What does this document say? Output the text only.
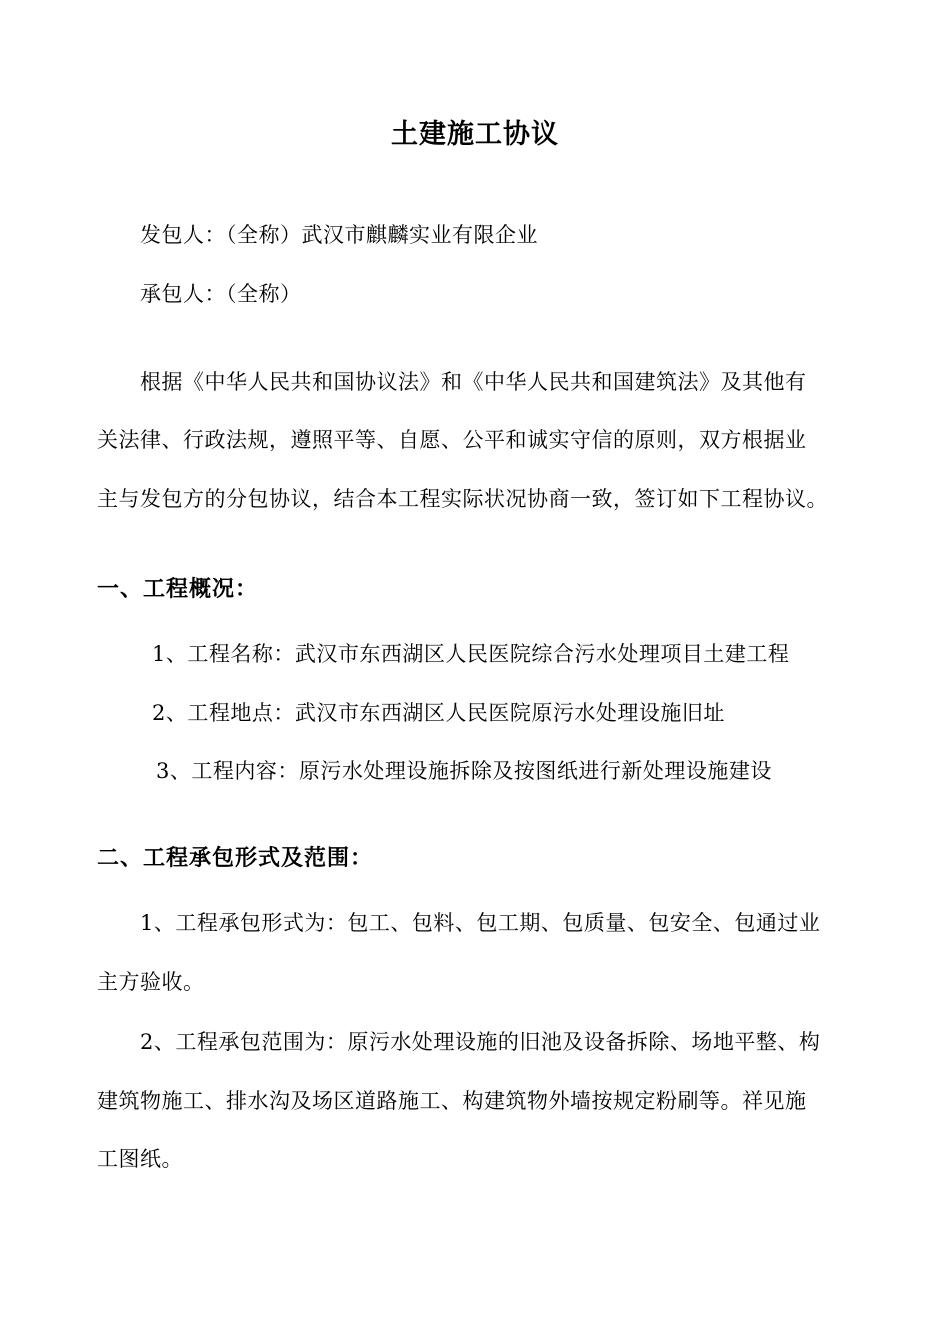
土建施工协议
发包人：（全称）武汉市麒麟实业有限企业
承包人：（全称）
根据《中华人民共和国协议法》和《中华人民共和国建筑法》及其他有
关法律、行政法规，遵照平等、自愿、公平和诚实守信的原则，双方根据业
主与发包方的分包协议，结合本工程实际状况协商一致，签订如下工程协议。
一、工程概况：
1、工程名称：武汉市东西湖区人民医院综合污水处理项目土建工程
2、工程地点：武汉市东西湖区人民医院原污水处理设施旧址
3、工程内容：原污水处理设施拆除及按图纸进行新处理设施建设
二、工程承包形式及范围：
1、工程承包形式为：包工、包料、包工期、包质量、包安全、包通过业
主方验收。
2、工程承包范围为：原污水处理设施的旧池及设备拆除、场地平整、构
建筑物施工、排水沟及场区道路施工、构建筑物外墙按规定粉刷等。祥见施
工图纸。
